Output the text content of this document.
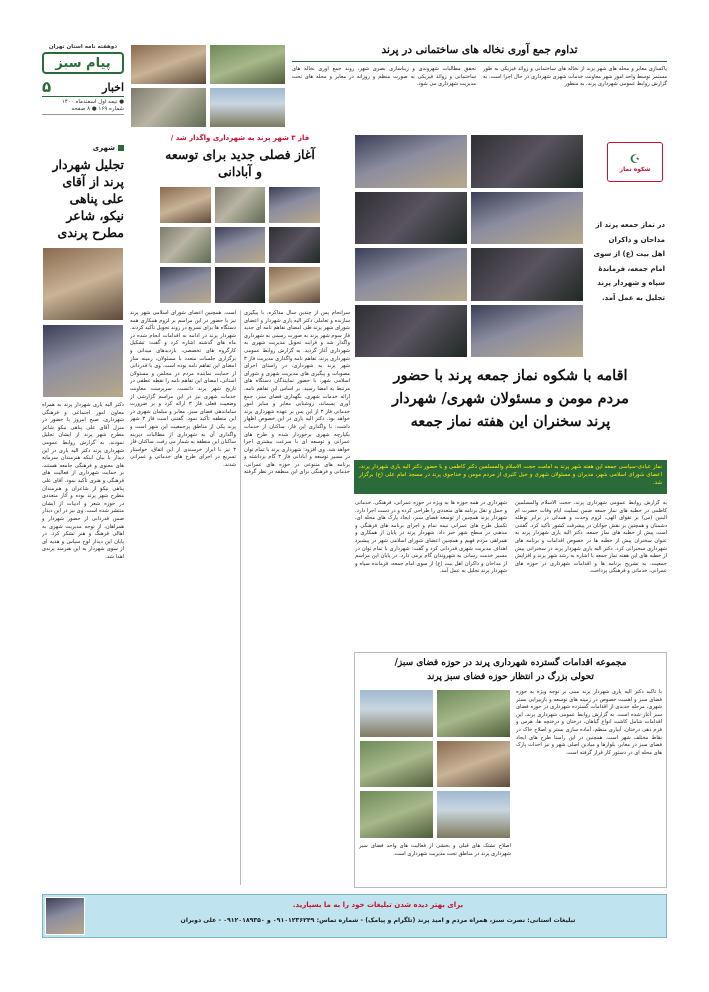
دوهفته نامه استان تهران
پیام سبز
اخبار
۵
● نیمه اول اسفندماه ۱۴۰۰
شماره ۱۶۹ ● ۸ صفحه
شهری
تجلیل شهردار پرند از آقای علی پناهی نیکو، شاعر مطرح پرندی
دکتر الیه یاری شهردار پرند به همراه معاون امور اجتماعی و فرهنگی شهرداری، صبح امروز با حضور در منزل آقای علی پناهی نیکو شاعر مطرح شهر پرند از ایشان تجلیل نمودند. به گزارش روابط عمومی شهرداری پرند دکتر الیه یاری در این دیدار با بیان اینکه هنرمندان سرمایه های معنوی و فرهنگی جامعه هستند، بر حمایت شهرداری از فعالیت های فرهنگی و هنری تأکید نمود. آقای علی پناهی نیکو از شاعران و هنرمندان مطرح شهر پرند بوده و آثار متعددی در حوزه شعر و ادبیات از ایشان منتشر شده است. وی نیز در این دیدار ضمن قدردانی از حضور شهردار و همراهان، از توجه مدیریت شهری به اهالی فرهنگ و هنر تشکر کرد. در پایان این دیدار لوح سپاس و هدیه ای از سوی شهردار به این هنرمند پرندی اهدا شد.
تداوم جمع آوری نخاله های ساختمانی در پرند
پاکسازی معابر و محله های شهر پرند از نخاله های ساختمانی و زوائد فیزیکی به طور مستمر توسط واحد امور شهر معاونت خدمات شهری شهرداری در حال اجرا است. به گزارش روابط عمومی شهرداری پرند، به منظور
تحقق مطالبات شهروندی و زیباسازی بصری شهر، روند جمع آوری نخاله های ساختمانی و زوائد فیزیکی به صورت منظم و روزانه در معابر و محله های تحت مدیریت شهرداری می شود.
فاز ۳ شهر پرند به شهرداری واگذار شد /
آغاز فصلی جدید برای توسعه و آبادانی
سرانجام پس از چندین سال مذاکره، با پیگیری سازنده و تعاملی دکتر الیه یاری شهردار و اعضای شورای شهر پرند طی امضای تفاهم نامه ای جدید فاز سوم شهر پرند به صورت رسمی به شهرداری واگذار شد و فرایند تحویل مدیریت شهری به شهرداری آغاز گردید. به گزارش روابط عمومی شهرداری پرند، تفاهم نامه واگذاری مدیریت فاز ۳ شهر پرند به شهرداری، در راستای اجرای مصوبات و پیگیری های مدیریت شهری و شورای اسلامی شهر، با حضور نمایندگان دستگاه های مرتبط به امضا رسید. بر اساس این تفاهم نامه، ارائه خدمات شهری، نگهداری فضای سبز، جمع آوری پسماند، روشنایی معابر و سایر امور خدماتی فاز ۳ از این پس بر عهده شهرداری پرند خواهد بود. دکتر الیه یاری در این خصوص اظهار داشت: با واگذاری این فاز، ساکنان از خدمات یکپارچه شهری برخوردار شده و طرح های عمرانی و توسعه ای با سرعت بیشتری اجرا خواهد شد. وی افزود: شهرداری پرند با تمام توان در مسیر توسعه و آبادانی فاز ۳ گام برداشته و برنامه های متنوعی در حوزه های عمرانی، خدماتی و فرهنگی برای این منطقه در نظر گرفته است. همچنین اعضای شورای اسلامی شهر پرند نیز با حضور در این مراسم بر لزوم همکاری همه دستگاه ها برای تسریع در روند تحویل تأکید کردند. شهردار پرند در ادامه به اقدامات انجام شده در ماه های گذشته اشاره کرد و گفت: تشکیل کارگروه های تخصصی، بازدیدهای میدانی و برگزاری جلسات متعدد با مسئولان، زمینه ساز امضای این تفاهم نامه بوده است. وی با قدردانی از حمایت نماینده مردم در مجلس و مسئولان استانی، امضای این تفاهم نامه را نقطه عطفی در تاریخ شهر پرند دانست. سرپرست معاونت خدمات شهری نیز در این مراسم گزارشی از وضعیت فعلی فاز ۳ ارائه کرد و بر ضرورت ساماندهی فضای سبز، معابر و مبلمان شهری در این منطقه تأکید نمود. گفتنی است فاز ۳ شهر پرند یکی از مناطق پرجمعیت این شهر است و واگذاری آن به شهرداری از مطالبات دیرینه ساکنان این منطقه به شمار می رفت. ساکنان فاز ۳ نیز با ابراز خرسندی از این اتفاق، خواستار تسریع در اجرای طرح های خدماتی و عمرانی شدند.
☪
شکوه نماز
در نماز جمعه پرند از مداحان و ذاکران اهل بیت (ع) از سوی امام جمعه، فرماندهٔ سپاه و شهردار پرند تجلیل به عمل آمد.
اقامه با شکوه نماز جمعه پرند با حضور
مردم مومن و مسئولان شهری/ شهردار
پرند سخنران این هفته نماز جمعه
نماز عبادی-سیاسی جمعه این هفته شهر پرند به امامت حجت الاسلام والمسلمین دکتر کاظمی و با حضور دکتر الیه یاری شهردار پرند، اعضای شورای اسلامی شهر، مدیران و مسئولان شهری و خیل کثیری از مردم مومن و خداجوی پرند در مسجد امام علی (ع) برگزار شد.
به گزارش روابط عمومی شهرداری پرند، حجت الاسلام والمسلمین کاظمی در خطبه های نماز جمعه ضمن تسلیت ایام وفات حضرت ام البنین (س) بر تقوای الهی، لزوم وحدت و همدلی در برابر توطئه دشمنان و همچنین بر نقش جوانان در پیشرفت کشور تأکید کرد. گفتنی است پیش از خطبه های نماز جمعه، دکتر الیه یاری شهردار پرند به عنوان سخنران پیش از خطبه ها در خصوص اقدامات و برنامه های شهرداری سخنرانی کرد. دکتر الیه یاری شهردار پرند در سخنرانی پیش از خطبه های این هفته نماز جمعه با اشاره به رشد شهر پرند و افزایش جمعیت، به تشریح برنامه ها و اقدامات شهرداری در حوزه های عمرانی، خدماتی و فرهنگی پرداخت.
شهرداری در همه حوزه ها به ویژه در حوزه عمرانی، فرهنگی، خدماتی و حمل و نقل برنامه های متعددی را طراحی کرده و در دست اجرا دارد. شهردار پرند همچنین از توسعه فضای سبز، ایجاد پارک های محله ای، تکمیل طرح های عمرانی نیمه تمام و اجرای برنامه های فرهنگی و مذهبی در سطح شهر خبر داد. شهردار پرند در پایان از همکاری و همراهی مردم فهیم و همچنین اعضای شورای اسلامی شهر در پیشبرد اهداف مدیریت شهری قدردانی کرد و گفت: شهرداری با تمام توان در مسیر خدمت رسانی به شهروندان گام برمی دارد. در پایان این مراسم از مداحان و ذاکران اهل بیت (ع) از سوی امام جمعه، فرمانده سپاه و شهردار پرند تجلیل به عمل آمد.
مجموعه اقدامات گسترده شهرداری پرند در حوزه فضای سبز/
تحولی بزرگ در انتظار حوزه فضای سبز پرند
با تاکید دکتر الیه یاری شهردار پرند مبنی بر توجه ویژه به حوزه فضای سبز و اهمیت خصوص در زمینه های توسعه و بازپیرایی بستر شهری، مرحله جدیدی از اقدامات گسترده شهرداری در حوزه فضای سبز آغاز شده است. به گزارش روابط عمومی شهرداری پرند، این اقدامات شامل کاشت انواع گیاهان، درختان و درختچه ها، هرس و فرم دهی درختان، آبیاری منظم، آماده سازی بستر و اصلاح خاک در نقاط مختلف شهر است. همچنین در این راستا طرح های ایجاد فضای سبز در معابر، بلوارها و میادین اصلی شهر و نیز احداث پارک های محله ای در دستور کار قرار گرفته است.
اصلاح تشتک های قبلی و بخشی از فعالیت های واحد فضای سبز شهرداری پرند در مناطق تحت مدیریت شهرداری است.
برای بهتر دیده شدن تبلیغات خود را به ما بسپارید.
تبلیغات استانی: نصرت سبز، همراه مردم و امید پرند (تلگرام و پیامک) - شماره تماس: ۰۹۱۰۱۲۳۶۲۴۹ و ۰۹۱۲۰۱۸۹۳۵۰ - علی دوبران
